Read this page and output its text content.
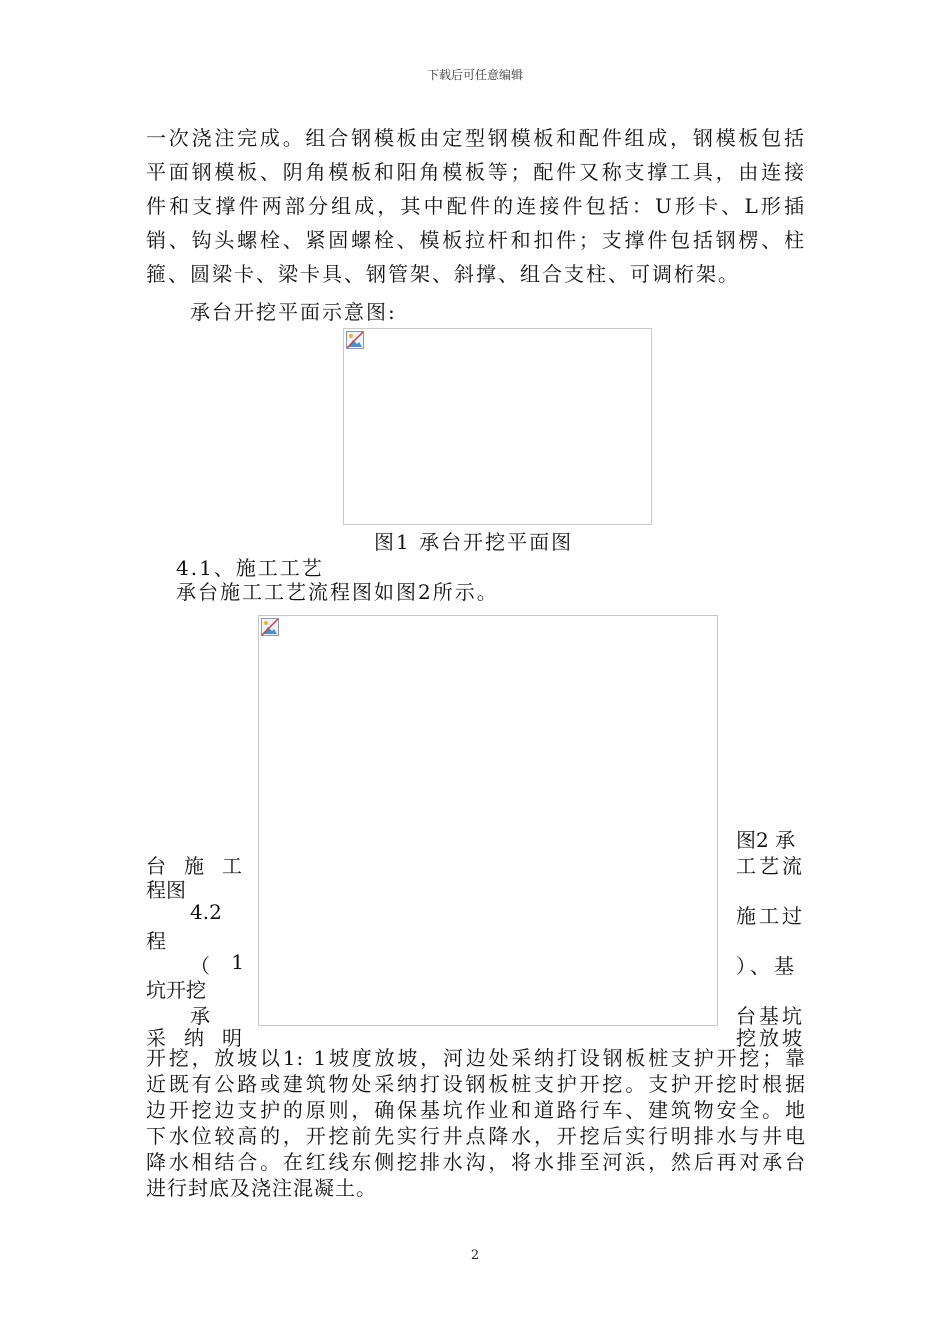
下载后可任意编辑
一次浇注完成。组合钢模板由定型钢模板和配件组成，钢模板包括
平面钢模板、阴角模板和阳角模板等；配件又称支撑工具，由连接
件和支撑件两部分组成，其中配件的连接件包括：U形卡、L形插
销、钩头螺栓、紧固螺栓、模板拉杆和扣件；支撑件包括钢楞、柱
箍、圆梁卡、梁卡具、钢管架、斜撑、组合支柱、可调桁架。
承台开挖平面示意图:
图1 承台开挖平面图
4.1、施工工艺
承台施工工艺流程图如图2所示。
图2 承
台 施 工	工艺流
程图
4.2	施工过
程
（ 1	）、基
坑开挖
承	台基坑
采 纳 明	挖放坡
开挖，放坡以1: 1坡度放坡，河边处采纳打设钢板桩支护开挖；靠
近既有公路或建筑物处采纳打设钢板桩支护开挖。支护开挖时根据
边开挖边支护的原则，确保基坑作业和道路行车、建筑物安全。地
下水位较高的，开挖前先实行井点降水，开挖后实行明排水与井电
降水相结合。在红线东侧挖排水沟，将水排至河浜，然后再对承台
进行封底及浇注混凝土。
2
